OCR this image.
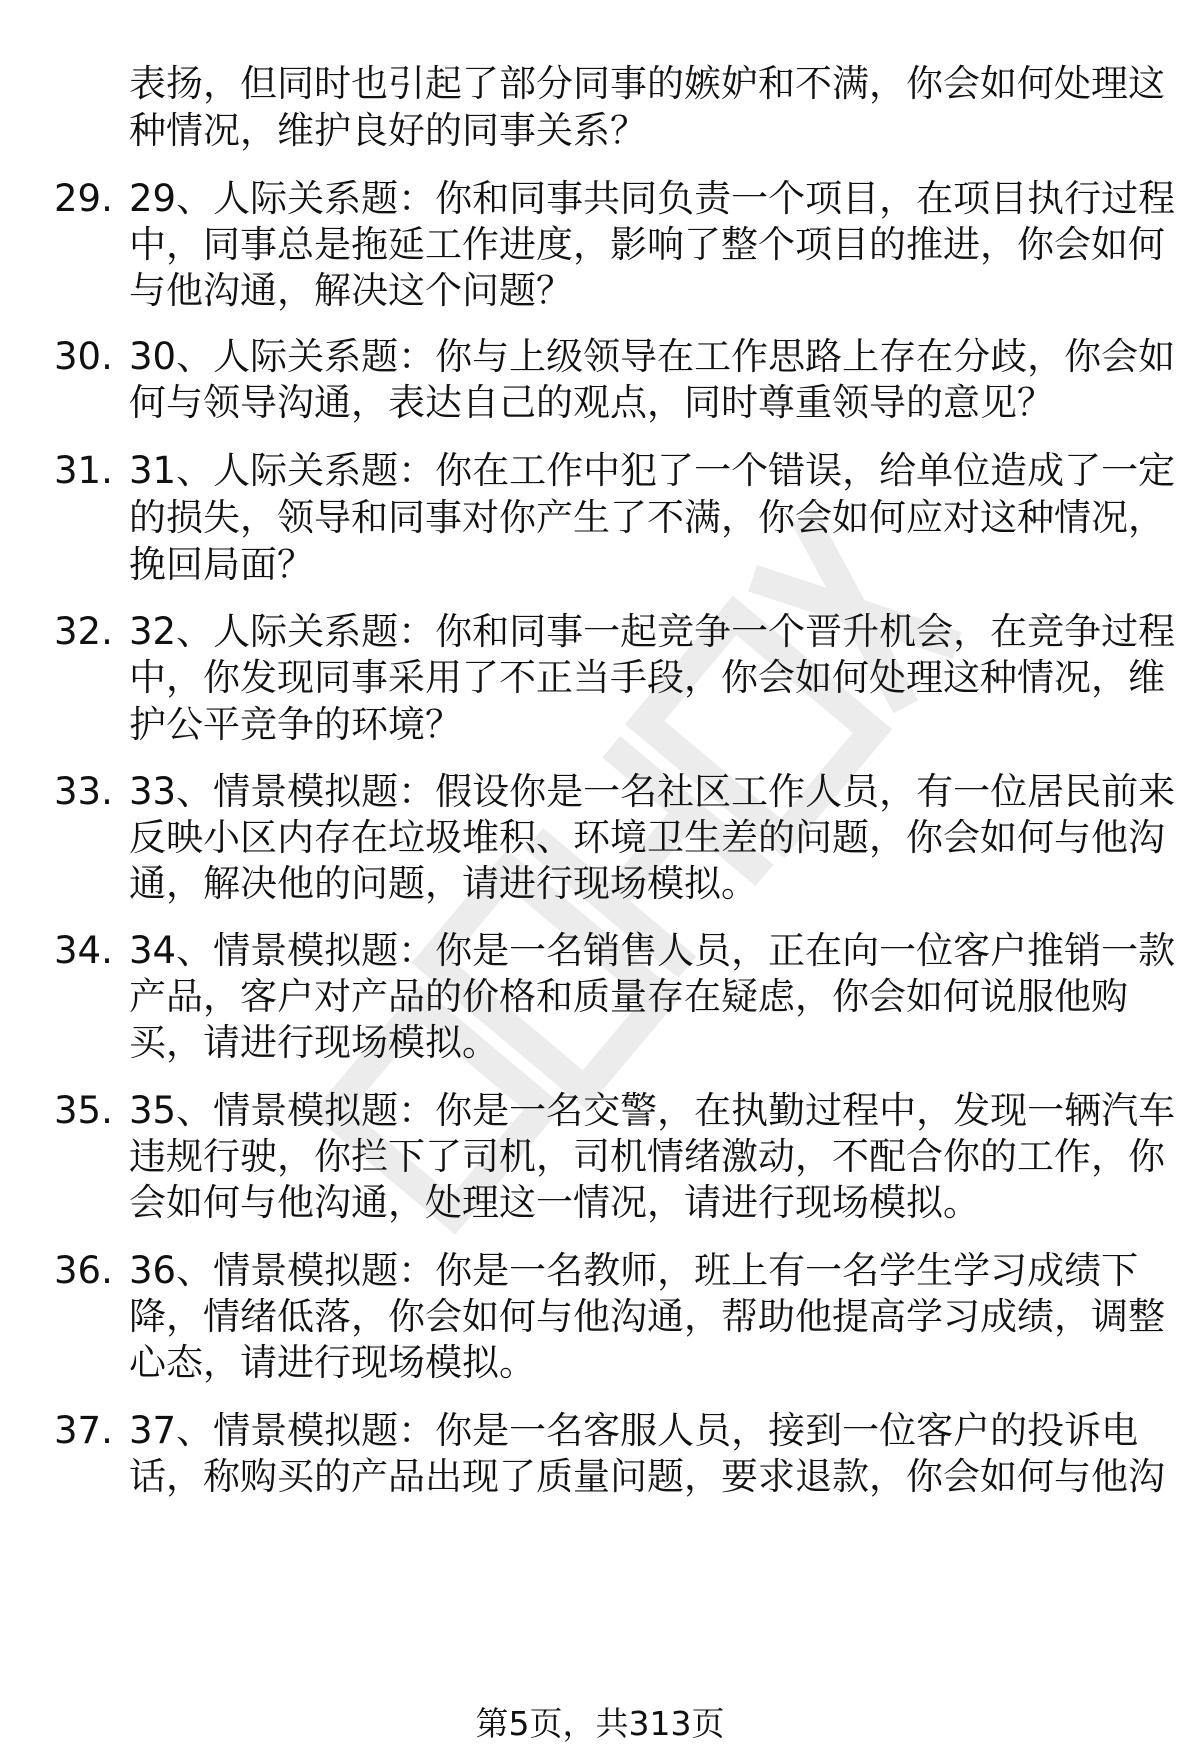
表扬，但同时也引起了部分同事的嫉妒和不满，你会如何处理这
种情况，维护良好的同事关系？
29. 29、人际关系题：你和同事共同负责一个项目，在项目执行过程
中，同事总是拖延工作进度，影响了整个项目的推进，你会如何
与他沟通，解决这个问题？
30. 30、人际关系题：你与上级领导在工作思路上存在分歧，你会如
何与领导沟通，表达自己的观点，同时尊重领导的意见？
31. 31、人际关系题：你在工作中犯了一个错误，给单位造成了一定
的损失，领导和同事对你产生了不满，你会如何应对这种情况，
挽回局面？
32. 32、人际关系题：你和同事一起竞争一个晋升机会，在竞争过程
中，你发现同事采用了不正当手段，你会如何处理这种情况，维
护公平竞争的环境？
33. 33、情景模拟题：假设你是一名社区工作人员，有一位居民前来
反映小区内存在垃圾堆积、环境卫生差的问题，你会如何与他沟
通，解决他的问题，请进行现场模拟。
34. 34、情景模拟题：你是一名销售人员，正在向一位客户推销一款
产品，客户对产品的价格和质量存在疑虑，你会如何说服他购
买，请进行现场模拟。
35. 35、情景模拟题：你是一名交警，在执勤过程中，发现一辆汽车
违规行驶，你拦下了司机，司机情绪激动，不配合你的工作，你
会如何与他沟通，处理这一情况，请进行现场模拟。
36. 36、情景模拟题：你是一名教师，班上有一名学生学习成绩下
降，情绪低落，你会如何与他沟通，帮助他提高学习成绩，调整
心态，请进行现场模拟。
37. 37、情景模拟题：你是一名客服人员，接到一位客户的投诉电
话，称购买的产品出现了质量问题，要求退款，你会如何与他沟
第5页，共313页
